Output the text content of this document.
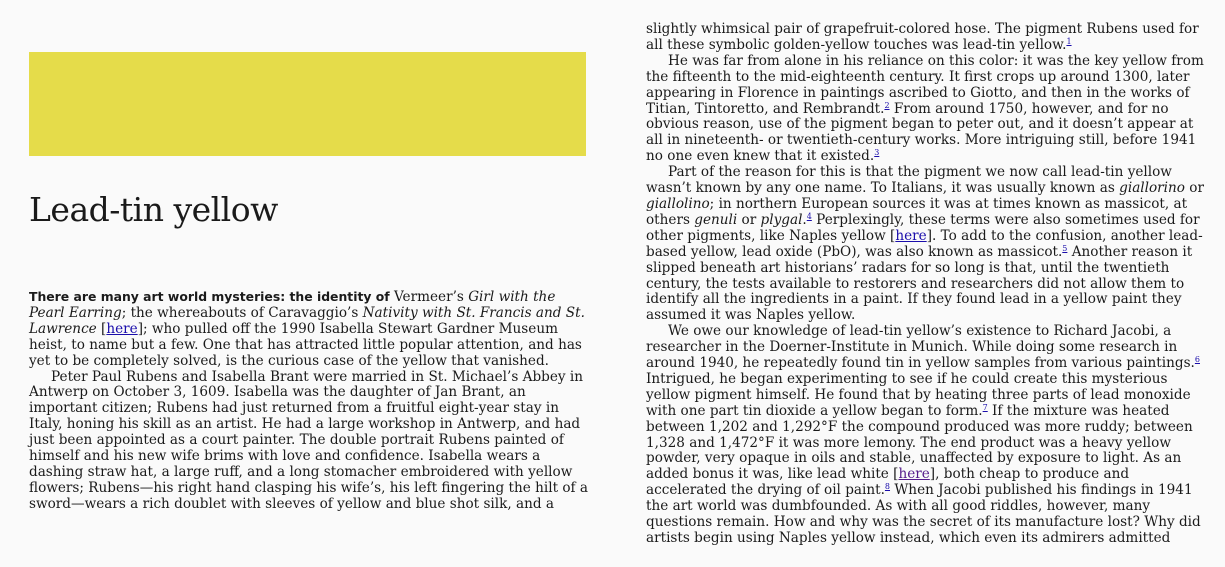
Lead-tin yellow

There are many art world mysteries: the identity of Vermeer’s Girl with the Pearl Earring; the whereabouts of Caravaggio’s Nativity with St. Francis and St. Lawrence [here]; who pulled off the 1990 Isabella Stewart Gardner Museum heist, to name but a few. One that has attracted little popular attention, and has yet to be completely solved, is the curious case of the yellow that vanished.

Peter Paul Rubens and Isabella Brant were married in St. Michael’s Abbey in Antwerp on October 3, 1609. Isabella was the daughter of Jan Brant, an important citizen; Rubens had just returned from a fruitful eight-year stay in Italy, honing his skill as an artist. He had a large workshop in Antwerp, and had just been appointed as a court painter. The double portrait Rubens painted of himself and his new wife brims with love and confidence. Isabella wears a dashing straw hat, a large ruff, and a long stomacher embroidered with yellow flowers; Rubens—his right hand clasping his wife’s, his left fingering the hilt of a sword—wears a rich doublet with sleeves of yellow and blue shot silk, and a

slightly whimsical pair of grapefruit-colored hose. The pigment Rubens used for all these symbolic golden-yellow touches was lead-tin yellow.$^1$

He was far from alone in his reliance on this color: it was the key yellow from the fifteenth to the mid-eighteenth century. It first crops up around 1300, later appearing in Florence in paintings ascribed to Giotto, and then in the works of Titian, Tintoretto, and Rembrandt.$^2$ From around 1750, however, and for no obvious reason, use of the pigment began to peter out, and it doesn’t appear at all in nineteenth- or twentieth-century works. More intriguing still, before 1941 no one even knew that it existed.$^3$

Part of the reason for this is that the pigment we now call lead-tin yellow wasn’t known by any one name. To Italians, it was usually known as giallorino or giallolino; in northern European sources it was at times known as massicot, at others genuli or plygal.$^4$ Perplexingly, these terms were also sometimes used for other pigments, like Naples yellow [here]. To add to the confusion, another lead-based yellow, lead oxide (PbO), was also known as massicot.$^5$ Another reason it slipped beneath art historians’ radars for so long is that, until the twentieth century, the tests available to restorers and researchers did not allow them to identify all the ingredients in a paint. If they found lead in a yellow paint they assumed it was Naples yellow.

We owe our knowledge of lead-tin yellow’s existence to Richard Jacobi, a researcher in the Doerner-Institute in Munich. While doing some research in around 1940, he repeatedly found tin in yellow samples from various paintings.$^6$ Intrigued, he began experimenting to see if he could create this mysterious yellow pigment himself. He found that by heating three parts of lead monoxide with one part tin dioxide a yellow began to form.$^7$ If the mixture was heated between 1,202 and 1,292°F the compound produced was more ruddy; between 1,328 and 1,472°F it was more lemony. The end product was a heavy yellow powder, very opaque in oils and stable, unaffected by exposure to light. As an added bonus it was, like lead white [here], both cheap to produce and accelerated the drying of oil paint.$^8$ When Jacobi published his findings in 1941 the art world was dumbfounded. As with all good riddles, however, many questions remain. How and why was the secret of its manufacture lost? Why did artists begin using Naples yellow instead, which even its admirers admitted
